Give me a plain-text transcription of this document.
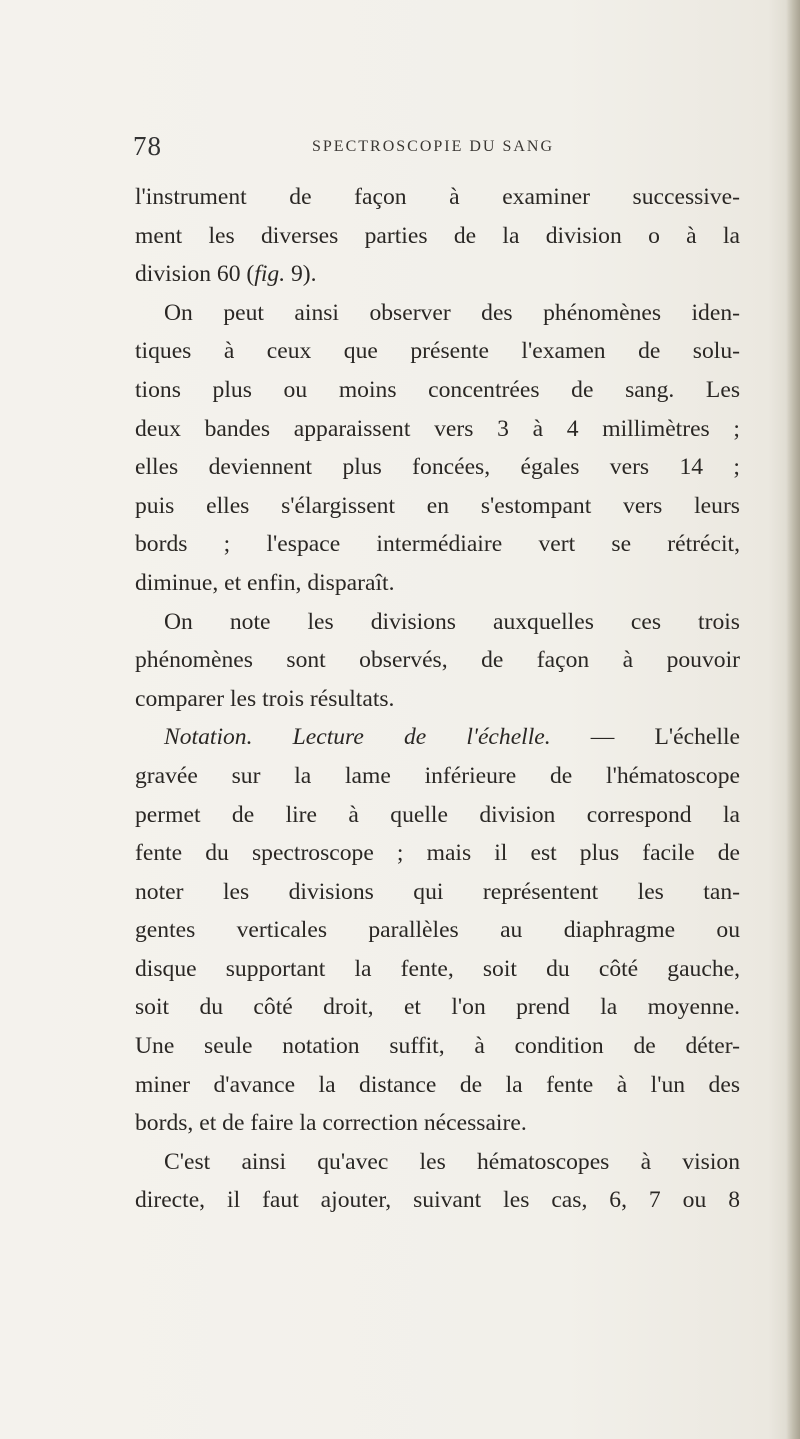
78	SPECTROSCOPIE DU SANG
l'instrument de façon à examiner successive-
ment les diverses parties de la division o à la
division 60 (fig. 9).
On peut ainsi observer des phénomènes iden-
tiques à ceux que présente l'examen de solu-
tions plus ou moins concentrées de sang. Les
deux bandes apparaissent vers 3 à 4 millimètres ;
elles deviennent plus foncées, égales vers 14 ;
puis elles s'élargissent en s'estompant vers leurs
bords ; l'espace intermédiaire vert se rétrécit,
diminue, et enfin, disparaît.
On note les divisions auxquelles ces trois
phénomènes sont observés, de façon à pouvoir
comparer les trois résultats.
Notation. Lecture de l'échelle. — L'échelle
gravée sur la lame inférieure de l'hématoscope
permet de lire à quelle division correspond la
fente du spectroscope ; mais il est plus facile de
noter les divisions qui représentent les tan-
gentes verticales parallèles au diaphragme ou
disque supportant la fente, soit du côté gauche,
soit du côté droit, et l'on prend la moyenne.
Une seule notation suffit, à condition de déter-
miner d'avance la distance de la fente à l'un des
bords, et de faire la correction nécessaire.
C'est ainsi qu'avec les hématoscopes à vision
directe, il faut ajouter, suivant les cas, 6, 7 ou 8
